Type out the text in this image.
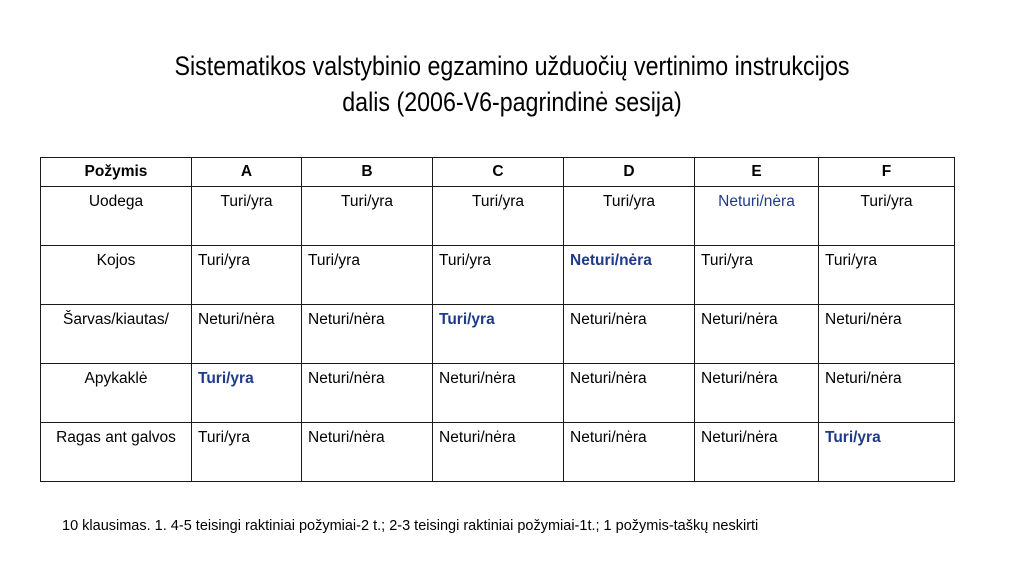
Sistematikos valstybinio egzamino užduočių vertinimo instrukcijos
dalis (2006-V6-pagrindinė sesija)
Požymis	A	B	C	D	E	F
Uodega	Turi/yra	Turi/yra	Turi/yra	Turi/yra	Neturi/nėra	Turi/yra
Kojos	Turi/yra	Turi/yra	Turi/yra	Neturi/nėra	Turi/yra	Turi/yra
Šarvas/kiautas/	Neturi/nėra	Neturi/nėra	Turi/yra	Neturi/nėra	Neturi/nėra	Neturi/nėra
Apykaklė	Turi/yra	Neturi/nėra	Neturi/nėra	Neturi/nėra	Neturi/nėra	Neturi/nėra
Ragas ant galvos	Turi/yra	Neturi/nėra	Neturi/nėra	Neturi/nėra	Neturi/nėra	Turi/yra
10 klausimas. 1. 4-5 teisingi raktiniai požymiai-2 t.; 2-3 teisingi raktiniai požymiai-1t.; 1 požymis-taškų neskirti
